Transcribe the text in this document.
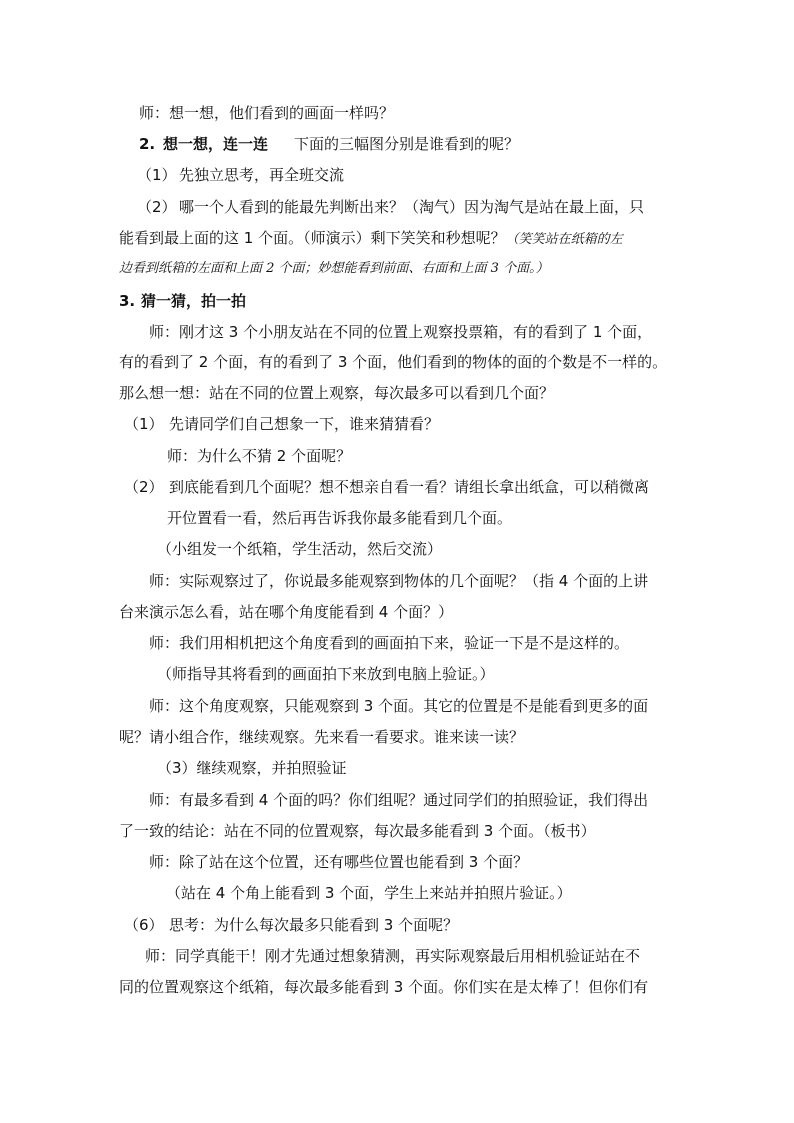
师：想一想，他们看到的画面一样吗？
2. 想一想，连一连 下面的三幅图分别是谁看到的呢？
（1） 先独立思考，再全班交流
（2） 哪一个人看到的能最先判断出来？（淘气）因为淘气是站在最上面，只
能看到最上面的这 1 个面。（师演示）剩下笑笑和秒想呢？（笑笑站在纸箱的左
边看到纸箱的左面和上面 2 个面；妙想能看到前面、右面和上面 3 个面。）
3. 猜一猜，拍一拍
师：刚才这 3 个小朋友站在不同的位置上观察投票箱，有的看到了 1 个面，
有的看到了 2 个面，有的看到了 3 个面，他们看到的物体的面的个数是不一样的。
那么想一想：站在不同的位置上观察，每次最多可以看到几个面？
（1） 先请同学们自己想象一下，谁来猜猜看？
师：为什么不猜 2 个面呢？
（2） 到底能看到几个面呢？想不想亲自看一看？请组长拿出纸盒，可以稍微离
开位置看一看，然后再告诉我你最多能看到几个面。
（小组发一个纸箱，学生活动，然后交流）
师：实际观察过了，你说最多能观察到物体的几个面呢？（指 4 个面的上讲
台来演示怎么看，站在哪个角度能看到 4 个面？）
师：我们用相机把这个角度看到的画面拍下来，验证一下是不是这样的。
（师指导其将看到的画面拍下来放到电脑上验证。）
师：这个角度观察，只能观察到 3 个面。其它的位置是不是能看到更多的面
呢？请小组合作，继续观察。先来看一看要求。谁来读一读？
（3）继续观察，并拍照验证
师：有最多看到 4 个面的吗？你们组呢？通过同学们的拍照验证，我们得出
了一致的结论：站在不同的位置观察，每次最多能看到 3 个面。（板书）
师：除了站在这个位置，还有哪些位置也能看到 3 个面？
（站在 4 个角上能看到 3 个面，学生上来站并拍照片验证。）
（6） 思考：为什么每次最多只能看到 3 个面呢？
师：同学真能干！刚才先通过想象猜测，再实际观察最后用相机验证站在不
同的位置观察这个纸箱，每次最多能看到 3 个面。你们实在是太棒了！但你们有
